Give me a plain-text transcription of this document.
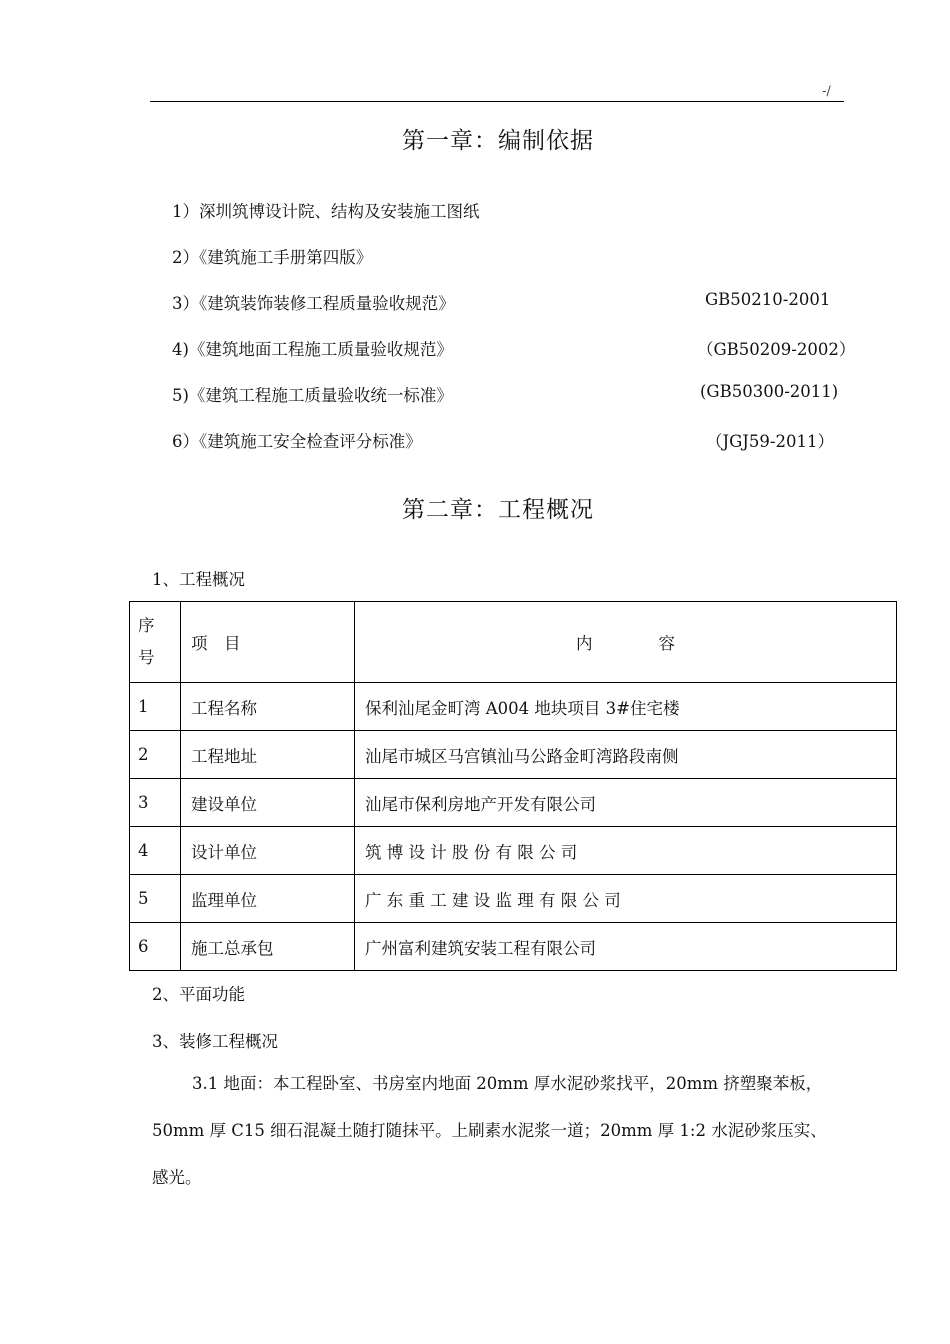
-/
第一章：编制依据
1）深圳筑博设计院、结构及安装施工图纸
2）《建筑施工手册第四版》
3）《建筑装饰装修工程质量验收规范》	GB50210-2001
4)《建筑地面工程施工质量验收规范》	（GB50209-2002）
5)《建筑工程施工质量验收统一标准》	(GB50300-2011)
6）《建筑施工安全检查评分标准》	（JGJ59-2011）
第二章：工程概况
1、工程概况
序号	项　目	内　　　　容
1	工程名称	保利汕尾金町湾 A004 地块项目 3#住宅楼
2	工程地址	汕尾市城区马宫镇汕马公路金町湾路段南侧
3	建设单位	汕尾市保利房地产开发有限公司
4	设计单位	筑 博 设 计 股 份 有 限 公 司
5	监理单位	广 东 重 工 建 设 监 理 有 限 公 司
6	施工总承包	广州富利建筑安装工程有限公司
2、平面功能
3、装修工程概况
3.1 地面：本工程卧室、书房室内地面 20mm 厚水泥砂浆找平，20mm 挤塑聚苯板，50mm 厚 C15 细石混凝土随打随抹平。上刷素水泥浆一道；20mm 厚 1:2 水泥砂浆压实、感光。
